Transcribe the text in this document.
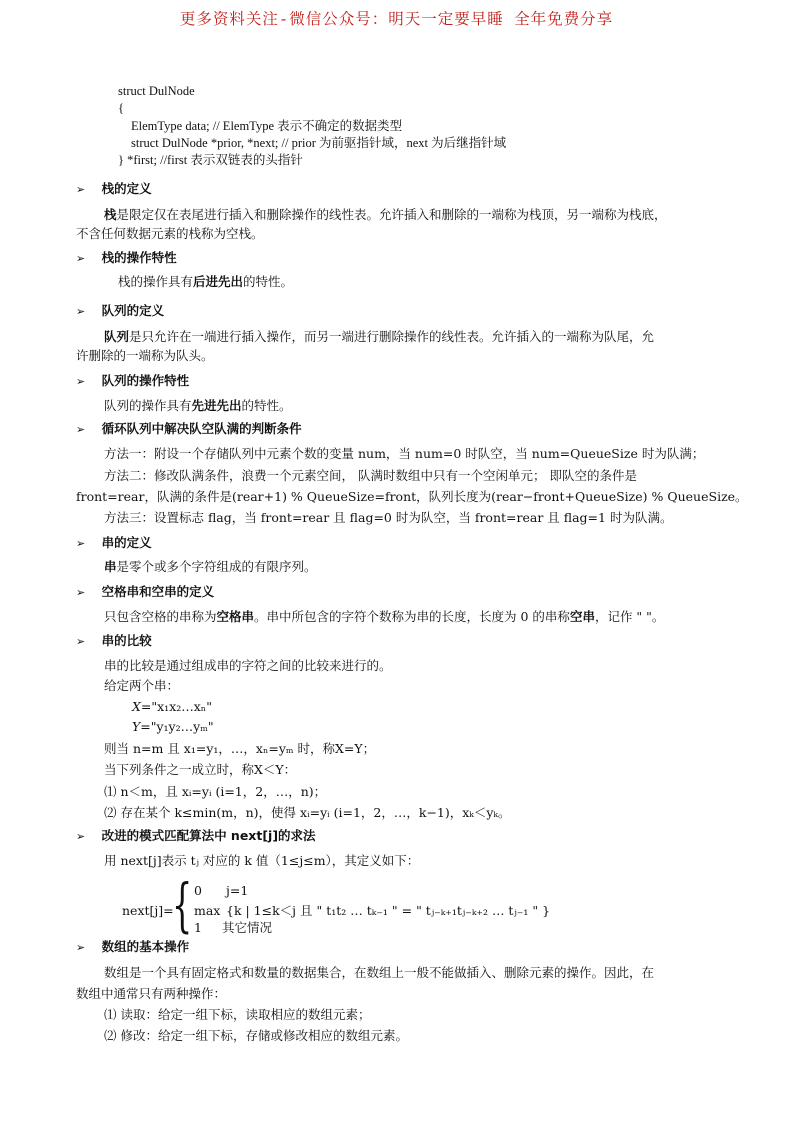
更多资料关注-微信公众号：明天一定要早睡 全年免费分享
struct DulNode
{
ElemType data; // ElemType 表示不确定的数据类型
struct DulNode *prior, *next; // prior 为前驱指针域，next 为后继指针域
} *first; //first 表示双链表的头指针
➢ 栈的定义
栈是限定仅在表尾进行插入和删除操作的线性表。允许插入和删除的一端称为栈顶，另一端称为栈底，
不含任何数据元素的栈称为空栈。
➢ 栈的操作特性
栈的操作具有后进先出的特性。
➢ 队列的定义
队列是只允许在一端进行插入操作，而另一端进行删除操作的线性表。允许插入的一端称为队尾，允
许删除的一端称为队头。
➢ 队列的操作特性
队列的操作具有先进先出的特性。
➢ 循环队列中解决队空队满的判断条件
方法一：附设一个存储队列中元素个数的变量 num，当 num=0 时队空，当 num=QueueSize 时为队满；
方法二：修改队满条件，浪费一个元素空间， 队满时数组中只有一个空闲单元； 即队空的条件是
front=rear，队满的条件是(rear+1) % QueueSize=front，队列长度为(rear−front+QueueSize) % QueueSize。
方法三：设置标志 flag，当 front=rear 且 flag=0 时为队空，当 front=rear 且 flag=1 时为队满。
➢ 串的定义
串是零个或多个字符组成的有限序列。
➢ 空格串和空串的定义
只包含空格的串称为空格串。串中所包含的字符个数称为串的长度，长度为 0 的串称空串，记作 " "。
➢ 串的比较
串的比较是通过组成串的字符之间的比较来进行的。
给定两个串：
X="x₁x₂…xₙ"
Y="y₁y₂…yₘ"
则当 n=m 且 x₁=y₁，…，xₙ=yₘ 时，称X=Y；
当下列条件之一成立时，称X＜Y：
⑴ n＜m，且 xᵢ=yᵢ (i=1，2，…，n)；
⑵ 存在某个 k≤min(m，n)，使得 xᵢ=yᵢ (i=1，2，…，k−1)，xₖ＜yₖ。
➢ 改进的模式匹配算法中 next[j]的求法
用 next[j]表示 tⱼ 对应的 k 值（1≤j≤m），其定义如下：
next[j]=
{ 0 j=1
max {k | 1≤k＜j 且 " t₁t₂ … tₖ₋₁ " = " tⱼ₋ₖ₊₁tⱼ₋ₖ₊₂ … tⱼ₋₁ " }
1 其它情况
➢ 数组的基本操作
数组是一个具有固定格式和数量的数据集合，在数组上一般不能做插入、删除元素的操作。因此，在
数组中通常只有两种操作：
⑴ 读取：给定一组下标，读取相应的数组元素；
⑵ 修改：给定一组下标，存储或修改相应的数组元素。
